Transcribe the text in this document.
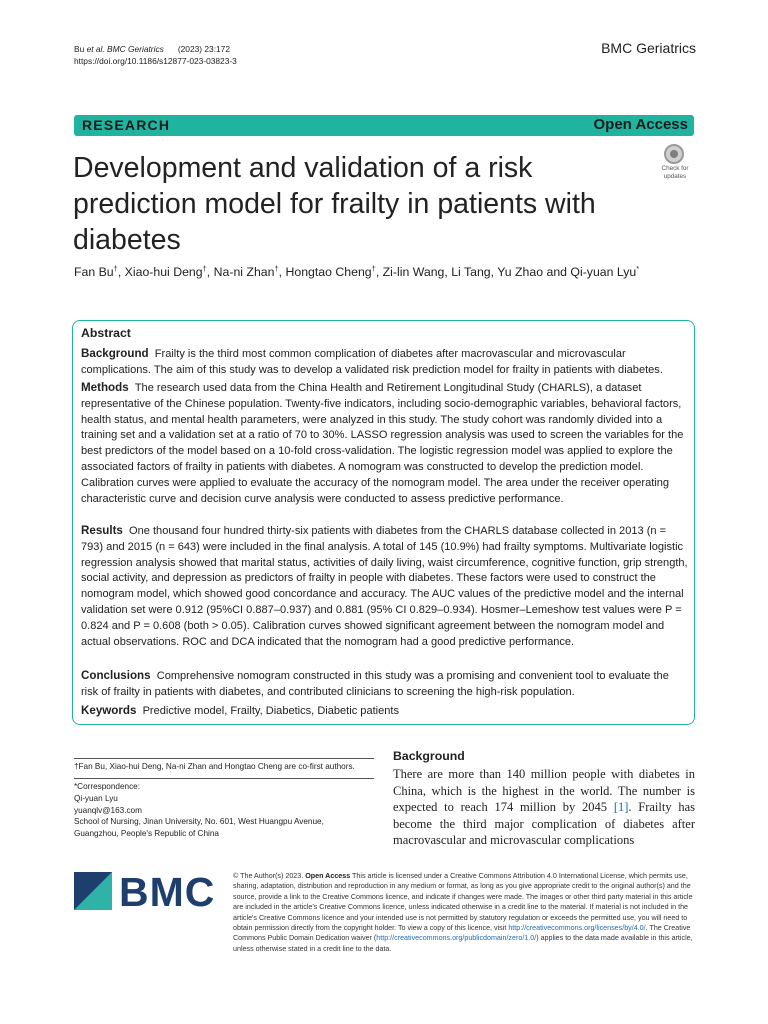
Bu et al. BMC Geriatrics (2023) 23:172
https://doi.org/10.1186/s12877-023-03823-3
BMC Geriatrics
RESEARCH	Open Access
Development and validation of a risk prediction model for frailty in patients with diabetes
Check for
updates
Fan Bu†, Xiao-hui Deng†, Na-ni Zhan†, Hongtao Cheng†, Zi-lin Wang, Li Tang, Yu Zhao and Qi-yuan Lyu*
Abstract
Background Frailty is the third most common complication of diabetes after macrovascular and microvascular complications. The aim of this study was to develop a validated risk prediction model for frailty in patients with diabetes.
Methods The research used data from the China Health and Retirement Longitudinal Study (CHARLS), a dataset representative of the Chinese population. Twenty-five indicators, including socio-demographic variables, behavioral factors, health status, and mental health parameters, were analyzed in this study. The study cohort was randomly divided into a training set and a validation set at a ratio of 70 to 30%. LASSO regression analysis was used to screen the variables for the best predictors of the model based on a 10-fold cross-validation. The logistic regression model was applied to explore the associated factors of frailty in patients with diabetes. A nomogram was constructed to develop the prediction model. Calibration curves were applied to evaluate the accuracy of the nomogram model. The area under the receiver operating characteristic curve and decision curve analysis were conducted to assess predictive performance.
Results One thousand four hundred thirty-six patients with diabetes from the CHARLS database collected in 2013 (n = 793) and 2015 (n = 643) were included in the final analysis. A total of 145 (10.9%) had frailty symptoms. Multivariate logistic regression analysis showed that marital status, activities of daily living, waist circumference, cognitive function, grip strength, social activity, and depression as predictors of frailty in people with diabetes. These factors were used to construct the nomogram model, which showed good concordance and accuracy. The AUC values of the predictive model and the internal validation set were 0.912 (95%CI 0.887–0.937) and 0.881 (95% CI 0.829–0.934). Hosmer–Lemeshow test values were P = 0.824 and P = 0.608 (both > 0.05). Calibration curves showed significant agreement between the nomogram model and actual observations. ROC and DCA indicated that the nomogram had a good predictive performance.
Conclusions Comprehensive nomogram constructed in this study was a promising and convenient tool to evaluate the risk of frailty in patients with diabetes, and contributed clinicians to screening the high-risk population.
Keywords Predictive model, Frailty, Diabetics, Diabetic patients
†Fan Bu, Xiao-hui Deng, Na-ni Zhan and Hongtao Cheng are co-first authors.
*Correspondence:
Qi-yuan Lyu
yuanqlv@163.com
School of Nursing, Jinan University, No. 601, West Huangpu Avenue,
Guangzhou, People's Republic of China
Background
There are more than 140 million people with diabetes in China, which is the highest in the world. The number is expected to reach 174 million by 2045 [1]. Frailty has become the third major complication of diabetes after macrovascular and microvascular complications
BMC © The Author(s) 2023. Open Access This article is licensed under a Creative Commons Attribution 4.0 International License, which permits use, sharing, adaptation, distribution and reproduction in any medium or format, as long as you give appropriate credit to the original author(s) and the source, provide a link to the Creative Commons licence, and indicate if changes were made. The images or other third party material in this article are included in the article's Creative Commons licence, unless indicated otherwise in a credit line to the material. If material is not included in the article's Creative Commons licence and your intended use is not permitted by statutory regulation or exceeds the permitted use, you will need to obtain permission directly from the copyright holder. To view a copy of this licence, visit http://creativecommons.org/licenses/by/4.0/. The Creative Commons Public Domain Dedication waiver (http://creativecommons.org/publicdomain/zero/1.0/) applies to the data made available in this article, unless otherwise stated in a credit line to the data.
